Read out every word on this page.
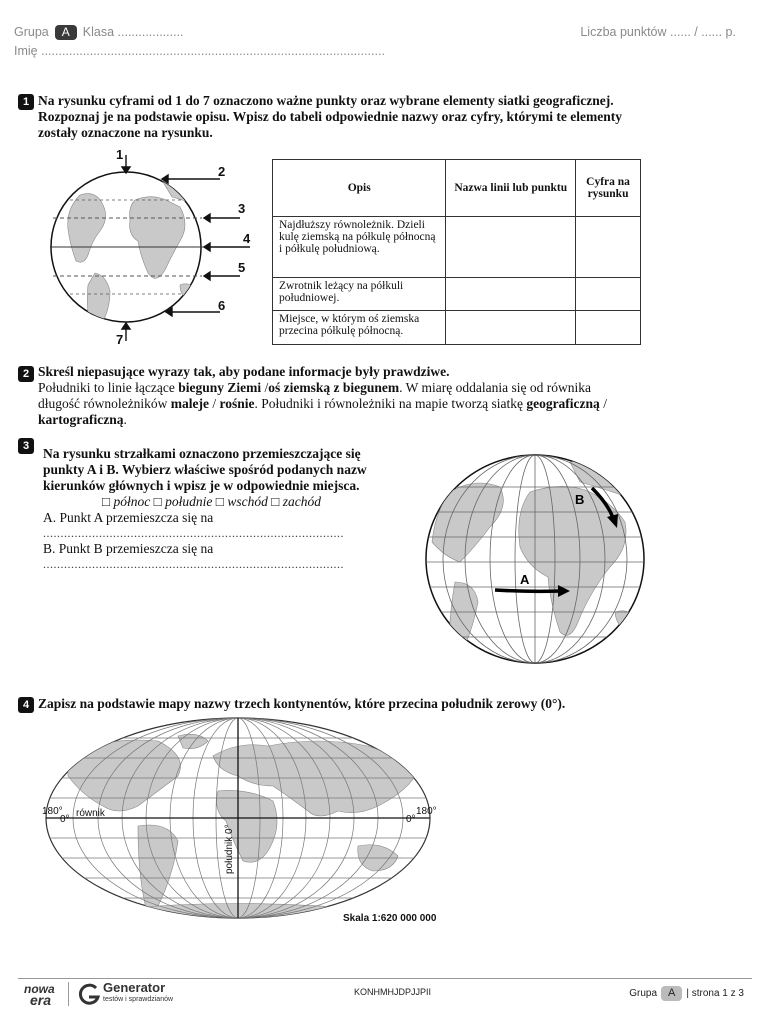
Grupa A Klasa ...................	Liczba punktów ...... / ...... p.
Imię ...................................................................................................
1 Na rysunku cyframi od 1 do 7 oznaczono ważne punkty oraz wybrane elementy siatki geograficznej.
Rozpoznaj je na podstawie opisu. Wpisz do tabeli odpowiednie nazwy oraz cyfry, którymi te elementy
zostały oznaczone na rysunku.
1
2
3
4
5
6
7
Opis	Nazwa linii lub punktu	Cyfra na rysunku
Najdłuższy równoleżnik. Dzieli kulę ziemską na półkulę północną i półkulę południową.		
Zwrotnik leżący na półkuli południowej.		
Miejsce, w którym oś ziemska przecina półkulę północną.		
2 Skreśl niepasujące wyrazy tak, aby podane informacje były prawdziwe.
Południki to linie łączące bieguny Ziemi /oś ziemską z biegunem. W miarę oddalania się od równika
długość równoleżników maleje / rośnie. Południki i równoleżniki na mapie tworzą siatkę geograficzną /
kartograficzną.
3	Na rysunku strzałkami oznaczono przemieszczające się
punkty A i B. Wybierz właściwe spośród podanych nazw
kierunków głównych i wpisz je w odpowiednie miejsca.
□ północ □ południe □ wschód □ zachód
A. Punkt A przemieszcza się na
......................................................................................
B. Punkt B przemieszcza się na
......................................................................................
A
B
4 Zapisz na podstawie mapy nazwy trzech kontynentów, które przecina południk zerowy (0°).
180°
0°
równik
0°
180°
południk 0°
Skala 1:620 000 000
nowa
era
Generator
testów i sprawdzianów
KONHMHJDPJJPII	Grupa A | strona 1 z 3
